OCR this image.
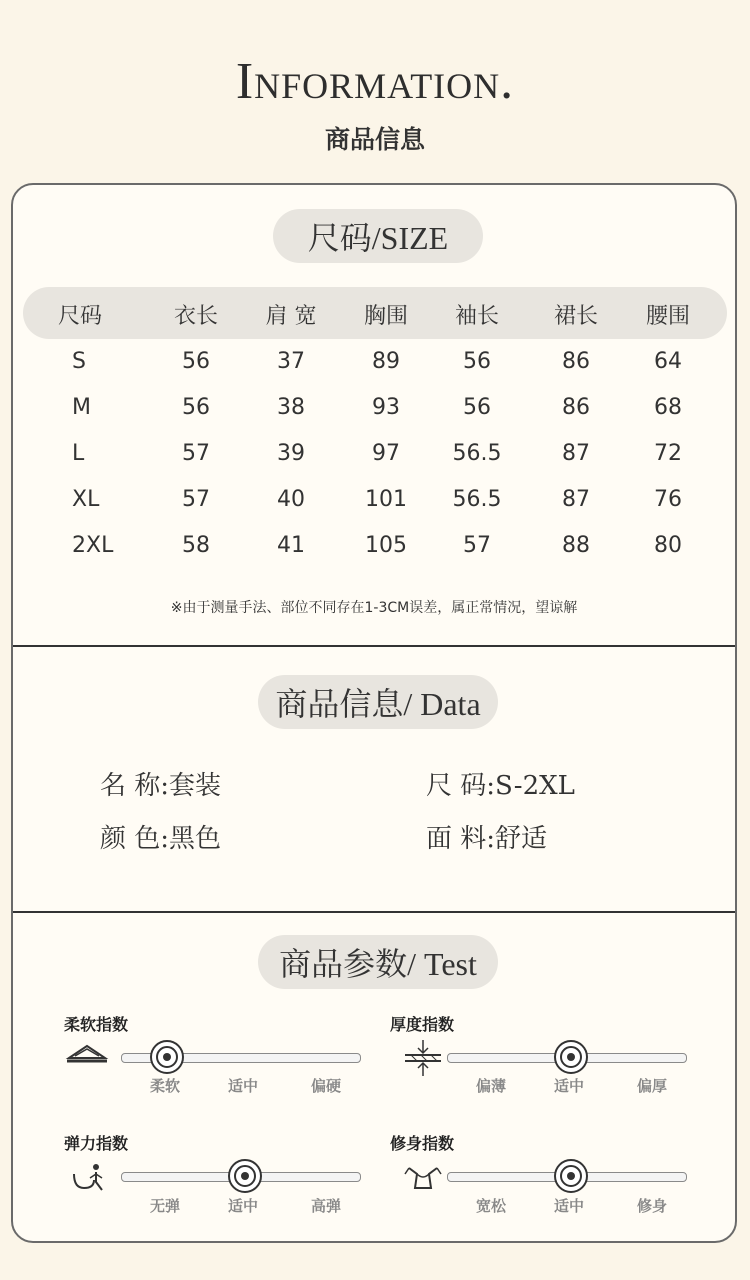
Information.
商品信息
尺码/SIZE
尺码	衣长	肩 宽	胸围	袖长	裙长	腰围
S	56	37	89	56	86	64
M	56	38	93	56	86	68
L	57	39	97	56.5	87	72
XL	57	40	101	56.5	87	76
2XL	58	41	105	57	88	80
※由于测量手法、部位不同存在1-3CM误差，属正常情况，望谅解
商品信息/ Data
名 称:套装	尺 码:S-2XL
颜 色:黑色	面 料:舒适
商品参数/ Test
柔软指数
柔软	适中	偏硬
厚度指数
偏薄	适中	偏厚
弹力指数
无弹	适中	高弹
修身指数
宽松	适中	修身
